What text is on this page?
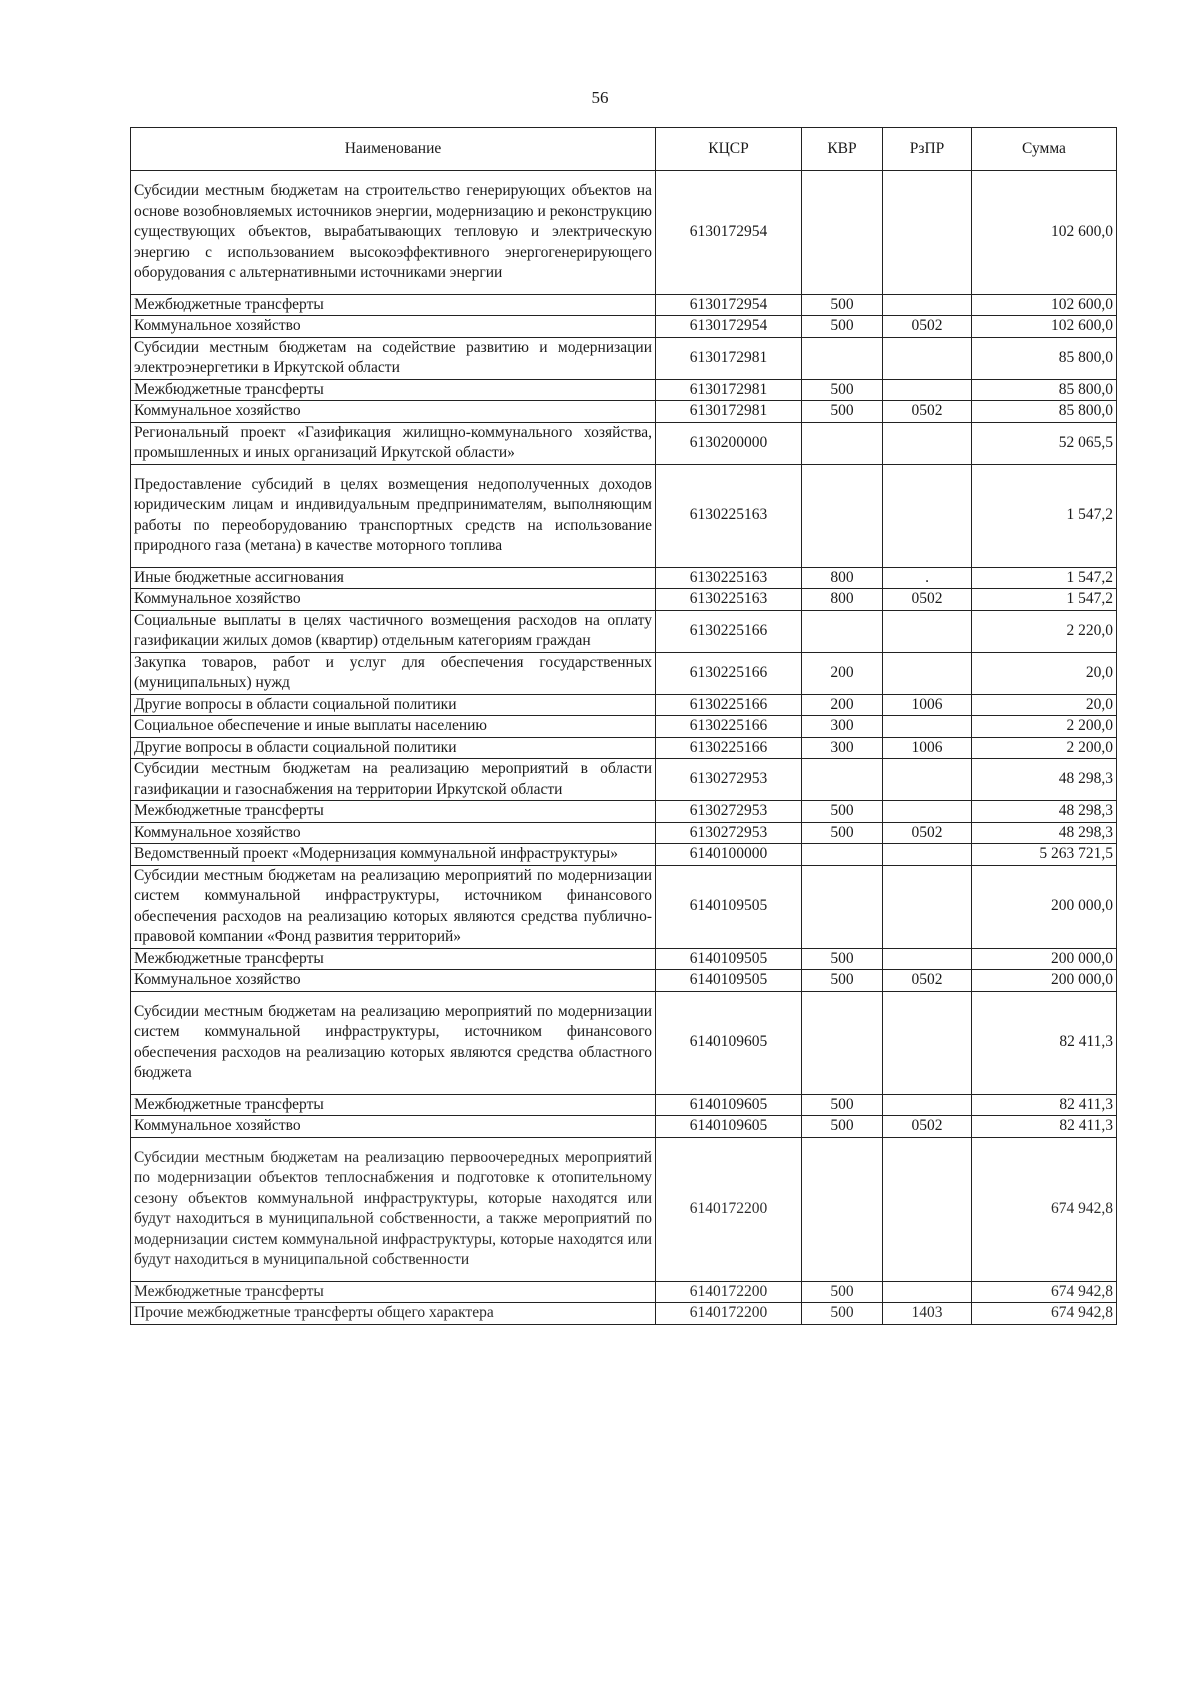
56
Наименование	КЦСР	КВР	РзПР	Сумма
Субсидии местным бюджетам на строительство генерирующих объектов на основе возобновляемых источников энергии, модернизацию и реконструкцию существующих объектов, вырабатывающих тепловую и электрическую энергию с использованием высокоэффективного энергогенерирующего оборудования с альтернативными источниками энергии	6130172954			102 600,0
Межбюджетные трансферты	6130172954	500		102 600,0
Коммунальное хозяйство	6130172954	500	0502	102 600,0
Субсидии местным бюджетам на содействие развитию и модернизации электроэнергетики в Иркутской области	6130172981			85 800,0
Межбюджетные трансферты	6130172981	500		85 800,0
Коммунальное хозяйство	6130172981	500	0502	85 800,0
Региональный проект «Газификация жилищно-коммунального хозяйства, промышленных и иных организаций Иркутской области»	6130200000			52 065,5
Предоставление субсидий в целях возмещения недополученных доходов юридическим лицам и индивидуальным предпринимателям, выполняющим работы по переоборудованию транспортных средств на использование природного газа (метана) в качестве моторного топлива	6130225163			1 547,2
Иные бюджетные ассигнования	6130225163	800	.	1 547,2
Коммунальное хозяйство	6130225163	800	0502	1 547,2
Социальные выплаты в целях частичного возмещения расходов на оплату газификации жилых домов (квартир) отдельным категориям граждан	6130225166			2 220,0
Закупка товаров, работ и услуг для обеспечения государственных (муниципальных) нужд	6130225166	200		20,0
Другие вопросы в области социальной политики	6130225166	200	1006	20,0
Социальное обеспечение и иные выплаты населению	6130225166	300		2 200,0
Другие вопросы в области социальной политики	6130225166	300	1006	2 200,0
Субсидии местным бюджетам на реализацию мероприятий в области газификации и газоснабжения на территории Иркутской области	6130272953			48 298,3
Межбюджетные трансферты	6130272953	500		48 298,3
Коммунальное хозяйство	6130272953	500	0502	48 298,3
Ведомственный проект «Модернизация коммунальной инфраструктуры»	6140100000			5 263 721,5
Субсидии местным бюджетам на реализацию мероприятий по модернизации систем коммунальной инфраструктуры, источником финансового обеспечения расходов на реализацию которых являются средства публично-правовой компании «Фонд развития территорий»	6140109505			200 000,0
Межбюджетные трансферты	6140109505	500		200 000,0
Коммунальное хозяйство	6140109505	500	0502	200 000,0
Субсидии местным бюджетам на реализацию мероприятий по модернизации систем коммунальной инфраструктуры, источником финансового обеспечения расходов на реализацию которых являются средства областного бюджета	6140109605			82 411,3
Межбюджетные трансферты	6140109605	500		82 411,3
Коммунальное хозяйство	6140109605	500	0502	82 411,3
Субсидии местным бюджетам на реализацию первоочередных мероприятий по модернизации объектов теплоснабжения и подготовке к отопительному сезону объектов коммунальной инфраструктуры, которые находятся или будут находиться в муниципальной собственности, а также мероприятий по модернизации систем коммунальной инфраструктуры, которые находятся или будут находиться в муниципальной собственности	6140172200			674 942,8
Межбюджетные трансферты	6140172200	500		674 942,8
Прочие межбюджетные трансферты общего характера	6140172200	500	1403	674 942,8
